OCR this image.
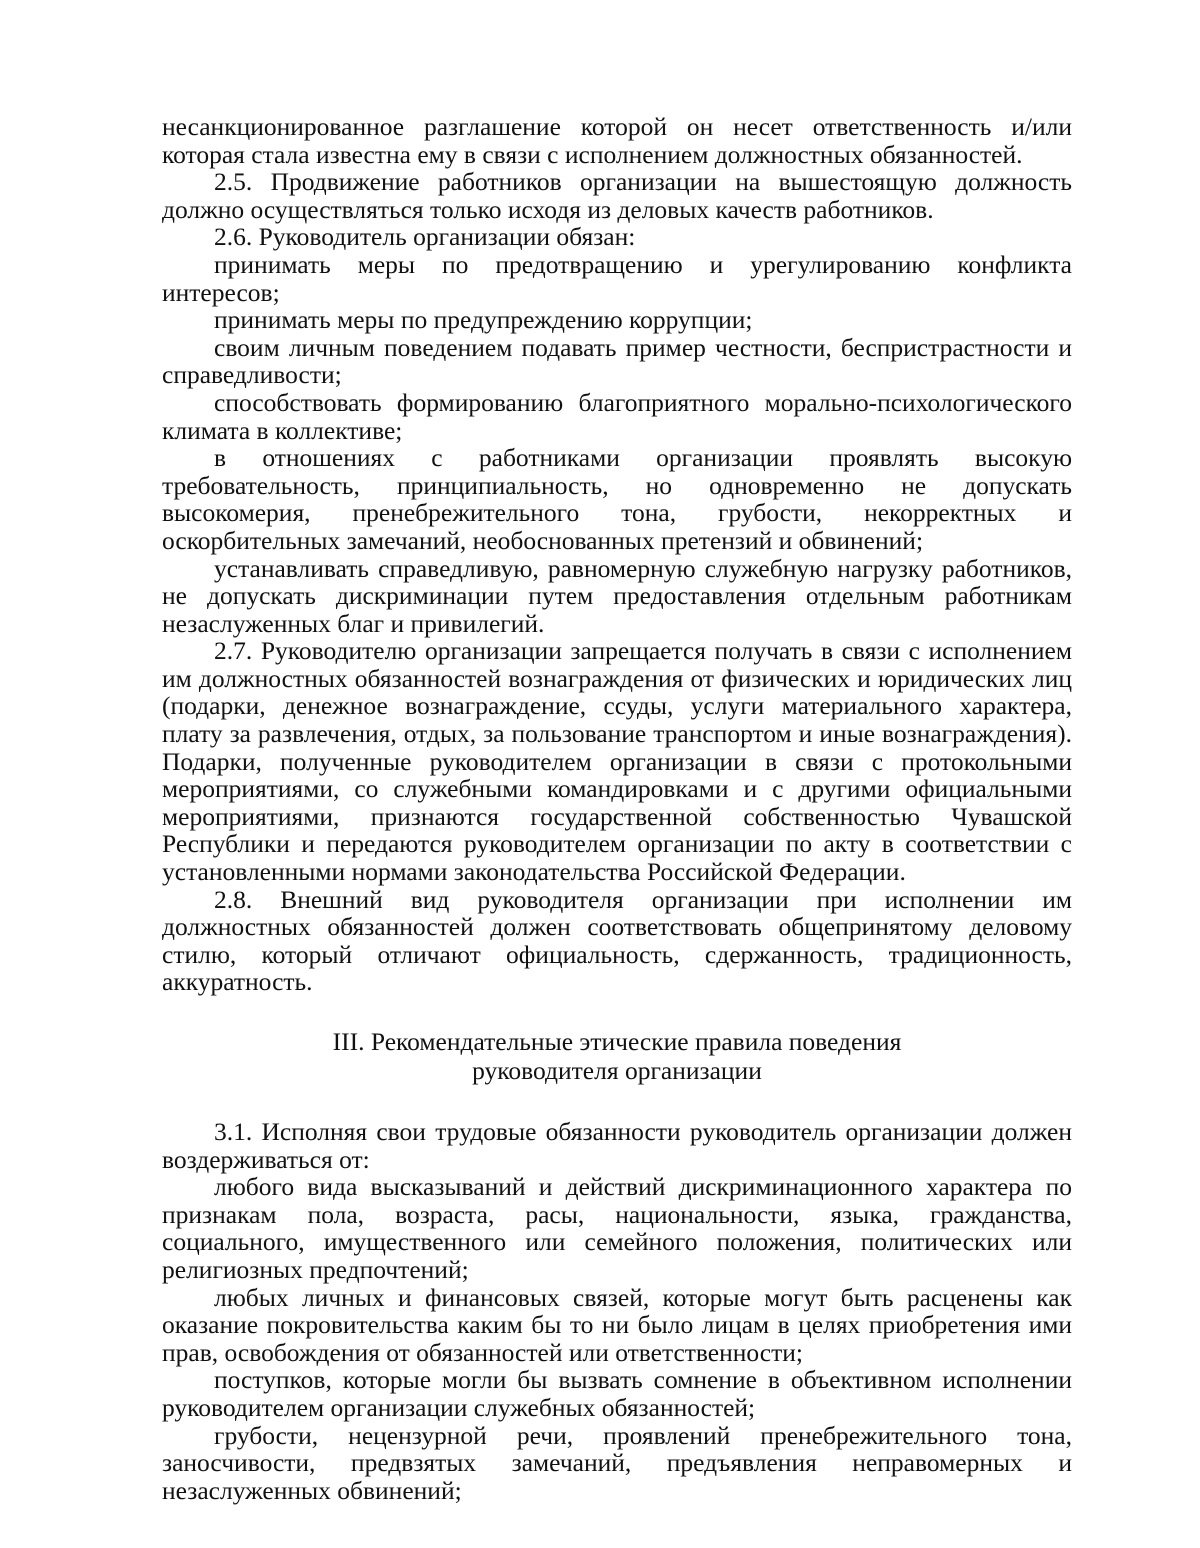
несанкционированное разглашение которой он несет ответственность и/или которая стала известна ему в связи с исполнением должностных обязанностей.

2.5. Продвижение работников организации на вышестоящую должность должно осуществляться только исходя из деловых качеств работников.

2.6. Руководитель организации обязан:

принимать меры по предотвращению и урегулированию конфликта интересов;

принимать меры по предупреждению коррупции;

своим личным поведением подавать пример честности, беспристрастности и справедливости;

способствовать формированию благоприятного морально-психологического климата в коллективе;

в отношениях с работниками организации проявлять высокую требовательность, принципиальность, но одновременно не допускать высокомерия, пренебрежительного тона, грубости, некорректных и оскорбительных замечаний, необоснованных претензий и обвинений;

устанавливать справедливую, равномерную служебную нагрузку работников, не допускать дискриминации путем предоставления отдельным работникам незаслуженных благ и привилегий.

2.7. Руководителю организации запрещается получать в связи с исполнением им должностных обязанностей вознаграждения от физических и юридических лиц (подарки, денежное вознаграждение, ссуды, услуги материального характера, плату за развлечения, отдых, за пользование транспортом и иные вознаграждения). Подарки, полученные руководителем организации в связи с протокольными мероприятиями, со служебными командировками и с другими официальными мероприятиями, признаются государственной собственностью Чувашской Республики и передаются руководителем организации по акту в соответствии с установленными нормами законодательства Российской Федерации.

2.8. Внешний вид руководителя организации при исполнении им должностных обязанностей должен соответствовать общепринятому деловому стилю, который отличают официальность, сдержанность, традиционность, аккуратность.

III. Рекомендательные этические правила поведения
руководителя организации

3.1. Исполняя свои трудовые обязанности руководитель организации должен воздерживаться от:

любого вида высказываний и действий дискриминационного характера по признакам пола, возраста, расы, национальности, языка, гражданства, социального, имущественного или семейного положения, политических или религиозных предпочтений;

любых личных и финансовых связей, которые могут быть расценены как оказание покровительства каким бы то ни было лицам в целях приобретения ими прав, освобождения от обязанностей или ответственности;

поступков, которые могли бы вызвать сомнение в объективном исполнении руководителем организации служебных обязанностей;

грубости, нецензурной речи, проявлений пренебрежительного тона, заносчивости, предвзятых замечаний, предъявления неправомерных и незаслуженных обвинений;
